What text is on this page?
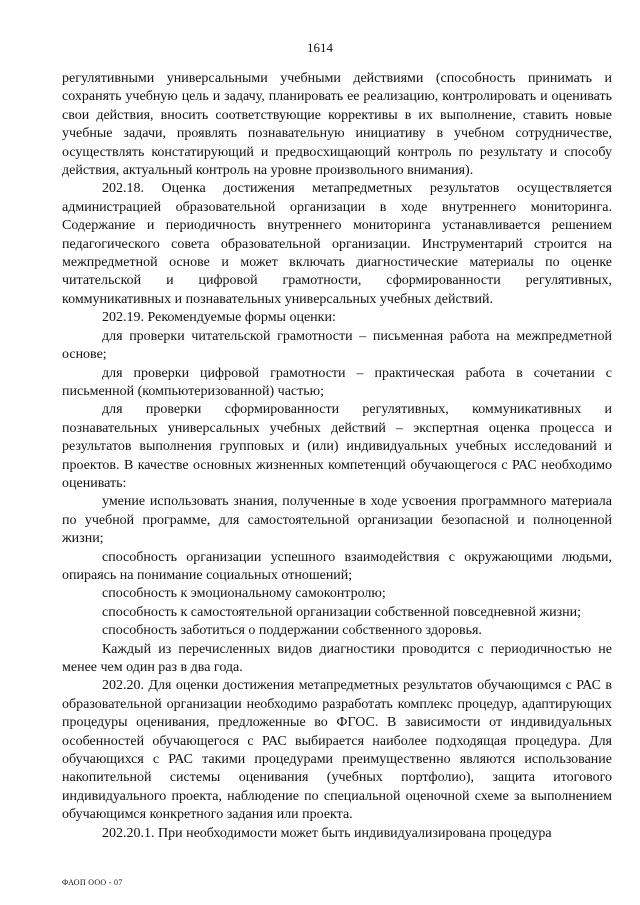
1614

регулятивными универсальными учебными действиями (способность принимать и сохранять учебную цель и задачу, планировать ее реализацию, контролировать и оценивать свои действия, вносить соответствующие коррективы в их выполнение, ставить новые учебные задачи, проявлять познавательную инициативу в учебном сотрудничестве, осуществлять констатирующий и предвосхищающий контроль по результату и способу действия, актуальный контроль на уровне произвольного внимания).

202.18. Оценка достижения метапредметных результатов осуществляется администрацией образовательной организации в ходе внутреннего мониторинга. Содержание и периодичность внутреннего мониторинга устанавливается решением педагогического совета образовательной организации. Инструментарий строится на межпредметной основе и может включать диагностические материалы по оценке читательской и цифровой грамотности, сформированности регулятивных, коммуникативных и познавательных универсальных учебных действий.

202.19. Рекомендуемые формы оценки:

для проверки читательской грамотности – письменная работа на межпредметной основе;

для проверки цифровой грамотности – практическая работа в сочетании с письменной (компьютеризованной) частью;

для проверки сформированности регулятивных, коммуникативных и познавательных универсальных учебных действий – экспертная оценка процесса и результатов выполнения групповых и (или) индивидуальных учебных исследований и проектов. В качестве основных жизненных компетенций обучающегося с РАС необходимо оценивать:

умение использовать знания, полученные в ходе усвоения программного материала по учебной программе, для самостоятельной организации безопасной и полноценной жизни;

способность организации успешного взаимодействия с окружающими людьми, опираясь на понимание социальных отношений;

способность к эмоциональному самоконтролю;

способность к самостоятельной организации собственной повседневной жизни;

способность заботиться о поддержании собственного здоровья.

Каждый из перечисленных видов диагностики проводится с периодичностью не менее чем один раз в два года.

202.20. Для оценки достижения метапредметных результатов обучающимся с РАС в образовательной организации необходимо разработать комплекс процедур, адаптирующих процедуры оценивания, предложенные во ФГОС. В зависимости от индивидуальных особенностей обучающегося с РАС выбирается наиболее подходящая процедура. Для обучающихся с РАС такими процедурами преимущественно являются использование накопительной системы оценивания (учебных портфолио), защита итогового индивидуального проекта, наблюдение по специальной оценочной схеме за выполнением обучающимся конкретного задания или проекта.

202.20.1. При необходимости может быть индивидуализирована процедура

ФАОП ООО - 07
